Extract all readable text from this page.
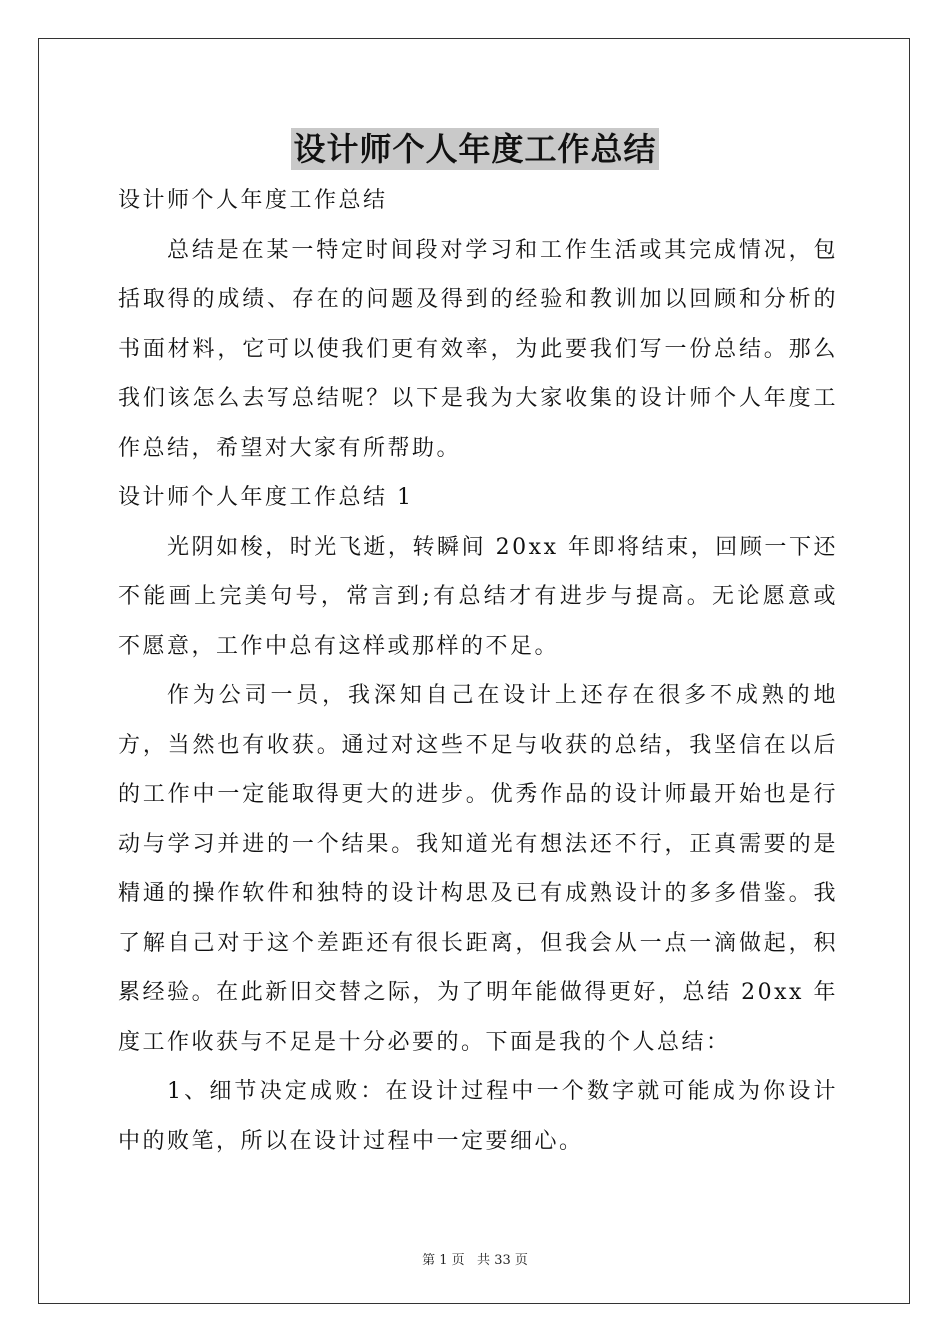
设计师个人年度工作总结

设计师个人年度工作总结

总结是在某一特定时间段对学习和工作生活或其完成情况，包括取得的成绩、存在的问题及得到的经验和教训加以回顾和分析的书面材料，它可以使我们更有效率，为此要我们写一份总结。那么我们该怎么去写总结呢？以下是我为大家收集的设计师个人年度工作总结，希望对大家有所帮助。

设计师个人年度工作总结 1

光阴如梭，时光飞逝，转瞬间 20xx 年即将结束，回顾一下还不能画上完美句号，常言到;有总结才有进步与提高。无论愿意或不愿意，工作中总有这样或那样的不足。

作为公司一员，我深知自己在设计上还存在很多不成熟的地方，当然也有收获。通过对这些不足与收获的总结，我坚信在以后的工作中一定能取得更大的进步。优秀作品的设计师最开始也是行动与学习并进的一个结果。我知道光有想法还不行，正真需要的是精通的操作软件和独特的设计构思及已有成熟设计的多多借鉴。我了解自己对于这个差距还有很长距离，但我会从一点一滴做起，积累经验。在此新旧交替之际，为了明年能做得更好，总结 20xx 年度工作收获与不足是十分必要的。下面是我的个人总结：

1、细节决定成败：在设计过程中一个数字就可能成为你设计中的败笔，所以在设计过程中一定要细心。

第 1 页   共 33 页
